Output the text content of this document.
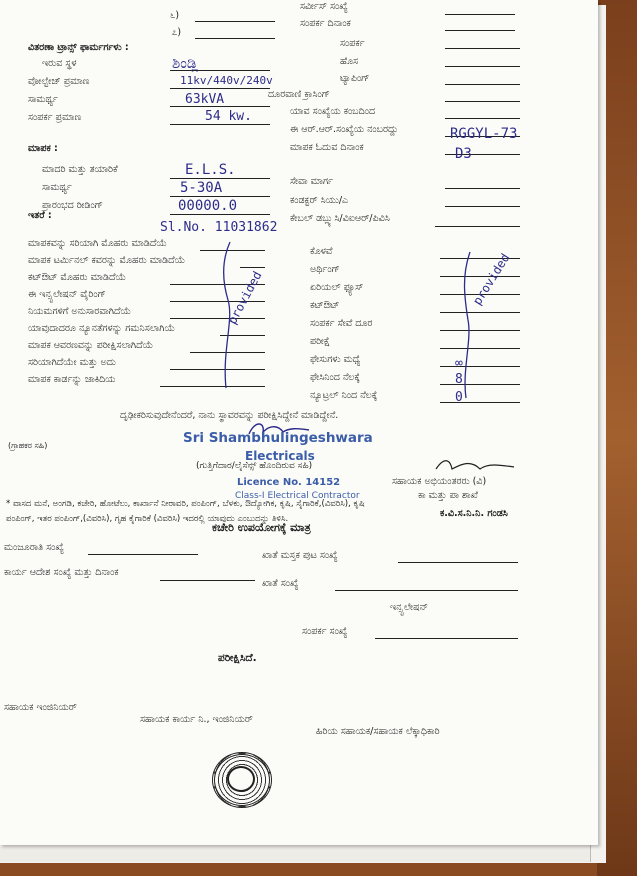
೬)
೭)
ಸರ್ವೀಸ್ ಸಂಖ್ಯೆ
ಸಂಪರ್ಕ ದಿನಾಂಕ
ವಿತರಣಾ ಟ್ರಾನ್ಸ್ ಫಾರ್ಮರ್ಗಳು :
ಇರುವ ಸ್ಥಳ
ವೋಲ್ಟೇಜ್ ಪ್ರಮಾಣ
ಸಾಮರ್ಥ್ಯ
ಸಂಪರ್ಕ ಪ್ರಮಾಣ
ಶಿಂಡ್ಲಿ
11kv/440v/240v
63kVA
54 kw.
ಸಂಪರ್ಕ
ಹೊಸ
ಟ್ಯಾಪಿಂಗ್
ದೂರವಾಣಿ ಕ್ರಾಸಿಂಗ್
ಯಾವ ಸಂಖ್ಯೆಯ ಕಂಬದಿಂದ
ಈ ಆರ್.ಆರ್.ಸಂಖ್ಯೆಯ ನಂಬರದ್ದು
ಮಾಪಕ ಓದುವ ದಿನಾಂಕ
RGGYL-73
D3
ಮಾಪಕ :
ಮಾದರಿ ಮತ್ತು ತಯಾರಿಕೆ
ಸಾಮರ್ಥ್ಯ
ಪ್ರಾರಂಭದ ರೀಡಿಂಗ್
E.L.S.
5-30A
00000.0
ಇತರೆ :
Sl.No. 11031862
ಸೇವಾ ಮಾರ್ಗ
ಕಂಡಕ್ಟರ್ ಸಿಯು/ಎ
ಕೇಬಲ್ ಡಬ್ಲ್ಯುಸಿ/ವಿಐಆರ್/ಪಿವಿಸಿ
ಮಾಪಕವನ್ನು ಸರಿಯಾಗಿ ಮೊಹರು ಮಾಡಿದೆಯೆ
ಮಾಪಕ ಟರ್ಮಿನಲ್ ಕವರನ್ನು ಮೊಹರು ಮಾಡಿದೆಯೆ
ಕಟ್‌ಔಟ್ ಮೊಹರು ಮಾಡಿದೆಯೆ
ಈ ಇನ್ಸ್ಟಲೇಷನ್ ವೈರಿಂಗ್
ನಿಯಮಗಳಿಗೆ ಅನುಸಾರವಾಗಿದೆಯೆ
ಯಾವುದಾದರೂ ನ್ಯೂನತೆಗಳನ್ನು ಗಮನಿಸಲಾಗಿಯೆ
ಮಾಪಕ ಆವರಣವನ್ನು ಪರೀಕ್ಷಿಸಲಾಗಿದೆಯೆ
ಸರಿಯಾಗಿದೆಯೇ ಮತ್ತು ಅದು
ಮಾಪಕ ಕಾರ್ಡನ್ನು ಜಾಕಿದಿಯ
ಕೊಳವೆ
ಅರ್ಥಿಂಗ್
ಏರಿಯಲ್ ಫ್ಯೂಸ್
ಕಟ್‌ಔಟ್
ಸಂಪರ್ಕ ಸೇವೆ ದೂರ
ಪರೀಕ್ಷೆ
ಫೇಸುಗಳು ಮಧ್ಯೆ
ಫೇಸಿನಿಂದ ನೆಲಕ್ಕೆ
ನ್ಯೂಟ್ರಲ್ ನಿಂದ ನೆಲಕ್ಕೆ
provided	provided
∞
8
0
ದೃಢೀಕರಿಸುವುದೇನೆಂದರೆ, ನಾನು ಸ್ಥಾವರವನ್ನು ಪರೀಕ್ಷಿಸಿದ್ದೇನೆ ಮಾಡಿದ್ದೇನೆ.
Sri Shambhulingeshwara
Electricals
Class-I Electrical Contractor
Licence No. 14152
(ಗ್ರಾಹಕರ ಸಹಿ)
(ಗುತ್ತಿಗೆದಾರ/ಲೈಸೆನ್ಸ್ ಹೊಂದಿರುವ ಸಹಿ)
ಸಹಾಯಕ ಅಭಿಯಂತರರು (ವಿ)
ಕಾ ಮತ್ತು ಪಾ ಶಾಖೆ
ಕ.ವಿ.ಸ.ನಿ.ನಿ. ಗಂಡಸಿ
* ವಾಸದ ಮನೆ, ಅಂಗಡಿ, ಕಚೇರಿ, ಹೋಟೆಲು, ಕಾರ್ಖಾನೆ ನೀರಾವರಿ, ಪಂಪಿಂಗ್, ಬೆಳಕು, ಔದ್ಯೋಗಿಕ, ಕೃಷಿ, ಸೈಗಾರಿಕೆ,(ವಿವರಿಸಿ), ಕೃಷಿ
ಪಂಪಿಂಗ್, ಇತರ ಪಂಪಿಂಗ್,(ವಿವರಿಸಿ), ಗೃಹ ಕೈಗಾರಿಕೆ (ವಿವರಿಸಿ) ಇದರಲ್ಲಿ ಯಾವುದು ಎಂಬುದನ್ನು ತಿಳಿಸಿ.
ಕಚೇರಿ ಉಪಯೋಗಕ್ಕೆ ಮಾತ್ರ
ಮಂಜೂರಾತಿ ಸಂಖ್ಯೆ
ಕಾರ್ಯ ಆದೇಶ ಸಂಖ್ಯೆ ಮತ್ತು ದಿನಾಂಕ
ಖಾತೆ ಮಸ್ತಕ ಪುಟ ಸಂಖ್ಯೆ
ಖಾತೆ ಸಂಖ್ಯೆ
ಇನ್ಸ್ಟಲೇಷನ್
ಸಂಪರ್ಕ ಸಂಖ್ಯೆ
ಪರೀಕ್ಷಿಸಿದೆ.
ಸಹಾಯಕ ಇಂಜಿನಿಯರ್
ಸಹಾಯಕ ಕಾರ್ಯ ನಿ., ಇಂಜಿನಿಯರ್
ಹಿರಿಯ ಸಹಾಯಕ/ಸಹಾಯಕ ಲೆಕ್ಕಾಧಿಕಾರಿ
